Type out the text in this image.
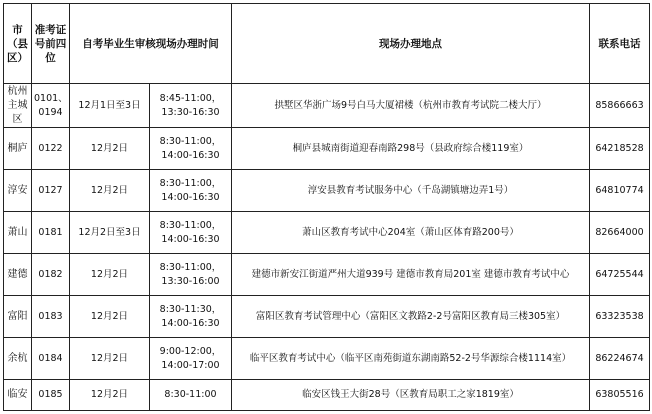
市（县区）	准考证号前四位	自考毕业生审核现场办理时间		现场办理地点	联系电话
杭州主城区	0101、0194	12月1日至3日	8:45-11:00，13:30-16:30	拱墅区华浙广场9号白马大厦裙楼（杭州市教育考试院二楼大厅）	85866663
桐庐	0122	12月2日	8:30-11:00，14:00-16:30	桐庐县城南街道迎春南路298号（县政府综合楼119室）	64218528
淳安	0127	12月2日	8:30-11:00，14:00-16:30	淳安县教育考试服务中心（千岛湖镇塘边弄1号）	64810774
萧山	0181	12月2日至3日	8:30-11:00，14:00-16:30	萧山区教育考试中心204室（萧山区体育路200号）	82664000
建德	0182	12月2日	8:30-11:00，13:30-16:00	建德市新安江街道严州大道939号 建德市教育局201室 建德市教育考试中心	64725544
富阳	0183	12月2日	8:30-11:30，14:00-16:30	富阳区教育考试管理中心（富阳区文教路2-2号富阳区教育局三楼305室）	63323538
余杭	0184	12月2日	9:00-12:00，14:00-17:00	临平区教育考试中心（临平区南苑街道东湖南路52-2号华源综合楼1114室）	86224674
临安	0185	12月2日	8:30-11:00	临安区钱王大街28号（区教育局职工之家1819室）	63805516
